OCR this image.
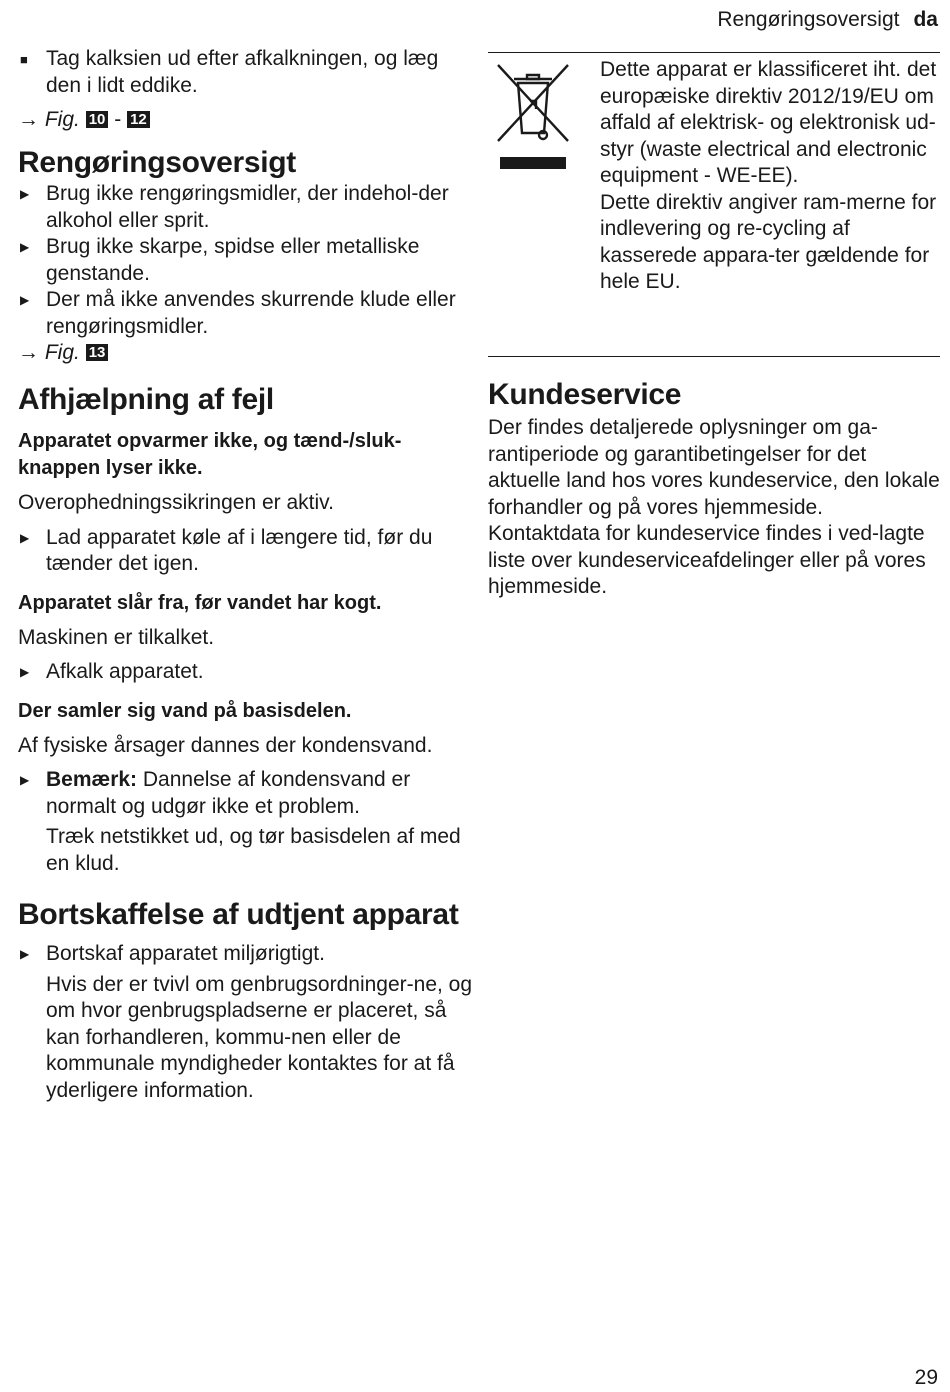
Rengøringsoversigt da
■ Tag kalksien ud efter afkalkningen, og læg den i lidt eddike.
→ Fig. 10 - 12
Rengøringsoversigt
▶ Brug ikke rengøringsmidler, der indehol-der alkohol eller sprit.
▶ Brug ikke skarpe, spidse eller metalliske genstande.
▶ Der må ikke anvendes skurrende klude eller rengøringsmidler.
→ Fig. 13
Afhjælpning af fejl
Apparatet opvarmer ikke, og tænd-/sluk-knappen lyser ikke.

Overophedningssikringen er aktiv.

▶ Lad apparatet køle af i længere tid, før du tænder det igen.
Apparatet slår fra, før vandet har kogt.

Maskinen er tilkalket.

▶ Afkalk apparatet.
Der samler sig vand på basisdelen.

Af fysiske årsager dannes der kondensvand.

▶ Bemærk: Dannelse af kondensvand er normalt og udgør ikke et problem.

Træk netstikket ud, og tør basisdelen af med en klud.

Bortskaffelse af udtjent apparat
▶ Bortskaf apparatet miljørigtigt.

Hvis der er tvivl om genbrugsordninger-ne, og om hvor genbrugspladserne er placeret, så kan forhandleren, kommu-nen eller de kommunale myndigheder kontaktes for at få yderligere information.

Dette apparat er klassificeret iht. det europæiske direktiv 2012/19/EU om affald af elektrisk- og elektronisk ud-styr (waste electrical and electronic equipment - WE-EE).

Dette direktiv angiver ram-merne for indlevering og re-cycling af kasserede appara-ter gældende for hele EU.

Kundeservice

Der findes detaljerede oplysninger om ga-rantiperiode og garantibetingelser for det aktuelle land hos vores kundeservice, den lokale forhandler og på vores hjemmeside. Kontaktdata for kundeservice findes i ved-lagte liste over kundeserviceafdelinger eller på vores hjemmeside.

29
